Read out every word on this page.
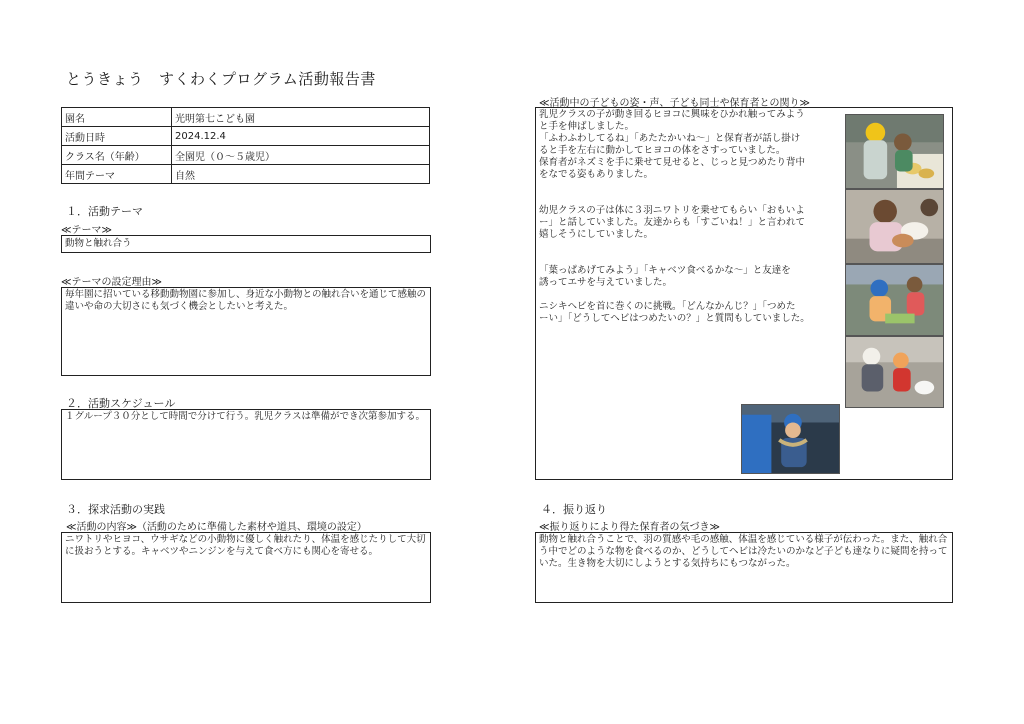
とうきょう　すくわくプログラム活動報告書
園名	光明第七こども園
活動日時	2024.12.4
クラス名（年齢）	全園児（０～５歳児）
年間テーマ	自然
１．活動テーマ
≪テーマ≫
動物と触れ合う
≪テーマの設定理由≫
毎年園に招いている移動動物園に参加し、身近な小動物との触れ合いを通じて感触の違いや命の大切さにも気づく機会としたいと考えた。
２．活動スケジュール
１グループ３０分として時間で分けて行う。乳児クラスは準備ができ次第参加する。
３．探求活動の実践
≪活動の内容≫（活動のために準備した素材や道具、環境の設定）
ニワトリやヒヨコ、ウサギなどの小動物に優しく触れたり、体温を感じたりして大切に扱おうとする。キャベツやニンジンを与えて食べ方にも関心を寄せる。
≪活動中の子どもの姿・声、子ども同士や保育者との関り≫

乳児クラスの子が動き回るヒヨコに興味をひかれ触ってみよう
と手を伸ばしました。
「ふわふわしてるね」「あたたかいね～」と保育者が話し掛け
ると手を左右に動かしてヒヨコの体をさすっていました。
保育者がネズミを手に乗せて見せると、じっと見つめたり背中
をなでる姿もありました。

幼児クラスの子は体に３羽ニワトリを乗せてもらい「おもいよ
ー」と話していました。友達からも「すごいね！」と言われて
嬉しそうにしていました。

「葉っぱあげてみよう」「キャベツ食べるかな～」と友達を
誘ってエサを与えていました。

ニシキヘビを首に巻くのに挑戦。「どんなかんじ？」「つめた
ーい」「どうしてヘビはつめたいの？」と質問もしていました。

４．振り返り
≪振り返りにより得た保育者の気づき≫
動物と触れ合うことで、羽の質感や毛の感触、体温を感じている様子が伝わった。また、触れ合う中でどのような物を食べるのか、どうしてヘビは冷たいのかなど子ども達なりに疑問を持っていた。生き物を大切にしようとする気持ちにもつながった。
